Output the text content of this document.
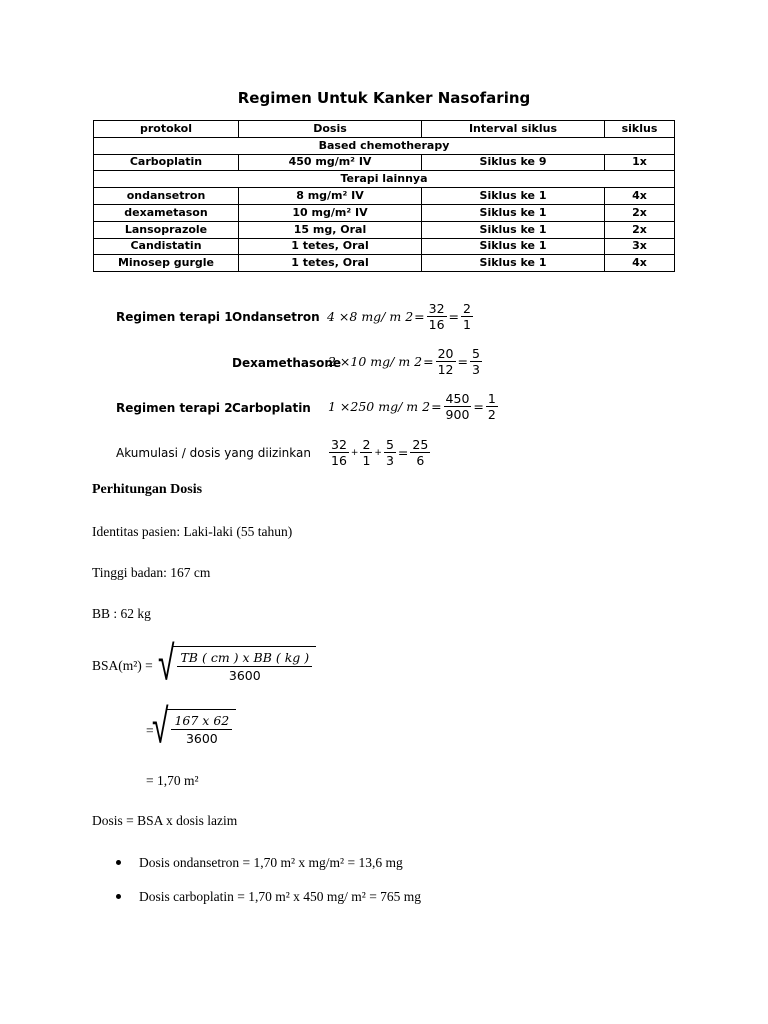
Regimen Untuk Kanker Nasofaring
protokol	Dosis	Interval siklus	siklus
Based chemotherapy			
Carboplatin	450 mg/m² IV	Siklus ke 9	1x
Terapi lainnya			
ondansetron	8 mg/m² IV	Siklus ke 1	4x
dexametason	10 mg/m² IV	Siklus ke 1	2x
Lansoprazole	15 mg, Oral	Siklus ke 1	2x
Candistatin	1 tetes, Oral	Siklus ke 1	3x
Minosep gurgle	1 tetes, Oral	Siklus ke 1	4x
Regimen terapi 1 Ondansetron 4 ×8 mg/ m $2 = \frac{32}{16} = \frac{2}{1}$
Dexamethasone
2 ×10 mg/ m $2 = \frac{20}{12} = \frac{5}{3}$
Regimen terapi 2 Carboplatin 1 ×250 mg/ m $2 = \frac{450}{900} = \frac{1}{2}$
Akumulasi / dosis yang diizinkan $\frac{32}{16} + \frac{2}{1} + \frac{5}{3} = \frac{25}{6}$
Perhitungan Dosis
Identitas pasien: Laki-laki (55 tahun)
Tinggi badan: 167 cm
BB : 62 kg
BSA(m²) = √ $\frac{\text{TB ( cm ) x BB ( kg )}}{3600}$
=
√ $\frac{167 x 62}{3600}$
= 1,70 m²
Dosis = BSA x dosis lazim
Dosis ondansetron = 1,70 m² x mg/m² = 13,6 mg
Dosis carboplatin = 1,70 m² x 450 mg/ m² = 765 mg
